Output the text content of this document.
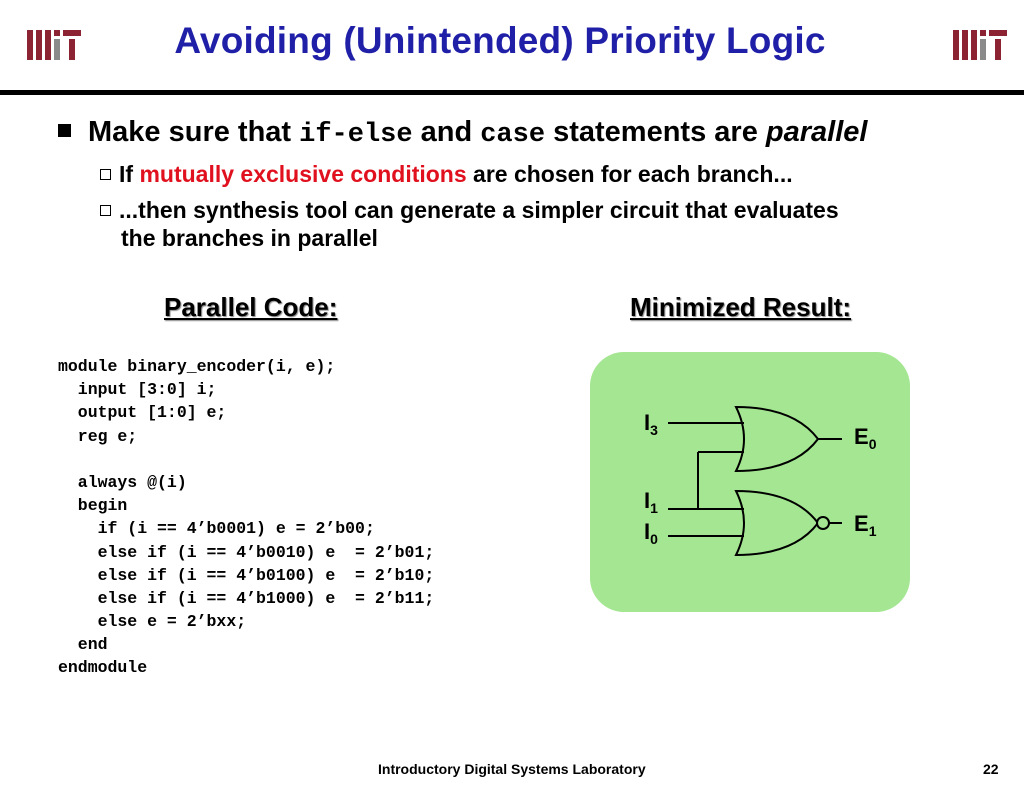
Avoiding (Unintended) Priority Logic
Make sure that if-else and case statements are parallel
If mutually exclusive conditions are chosen for each branch...
...then synthesis tool can generate a simpler circuit that evaluates
the branches in parallel
Parallel Code:	Minimized Result:
module binary_encoder(i, e);
input [3:0] i;
output [1:0] e;
reg e;
always @(i)
begin
if (i == 4’b0001) e = 2’b00;
else if (i == 4’b0010) e  = 2’b01;
else if (i == 4’b0100) e  = 2’b10;
else if (i == 4’b1000) e  = 2’b11;
else e = 2’bxx;
end
endmodule
$I_3$
$I_1$
$I_0$
$E_0$
$E_1$
Introductory Digital Systems Laboratory	22
